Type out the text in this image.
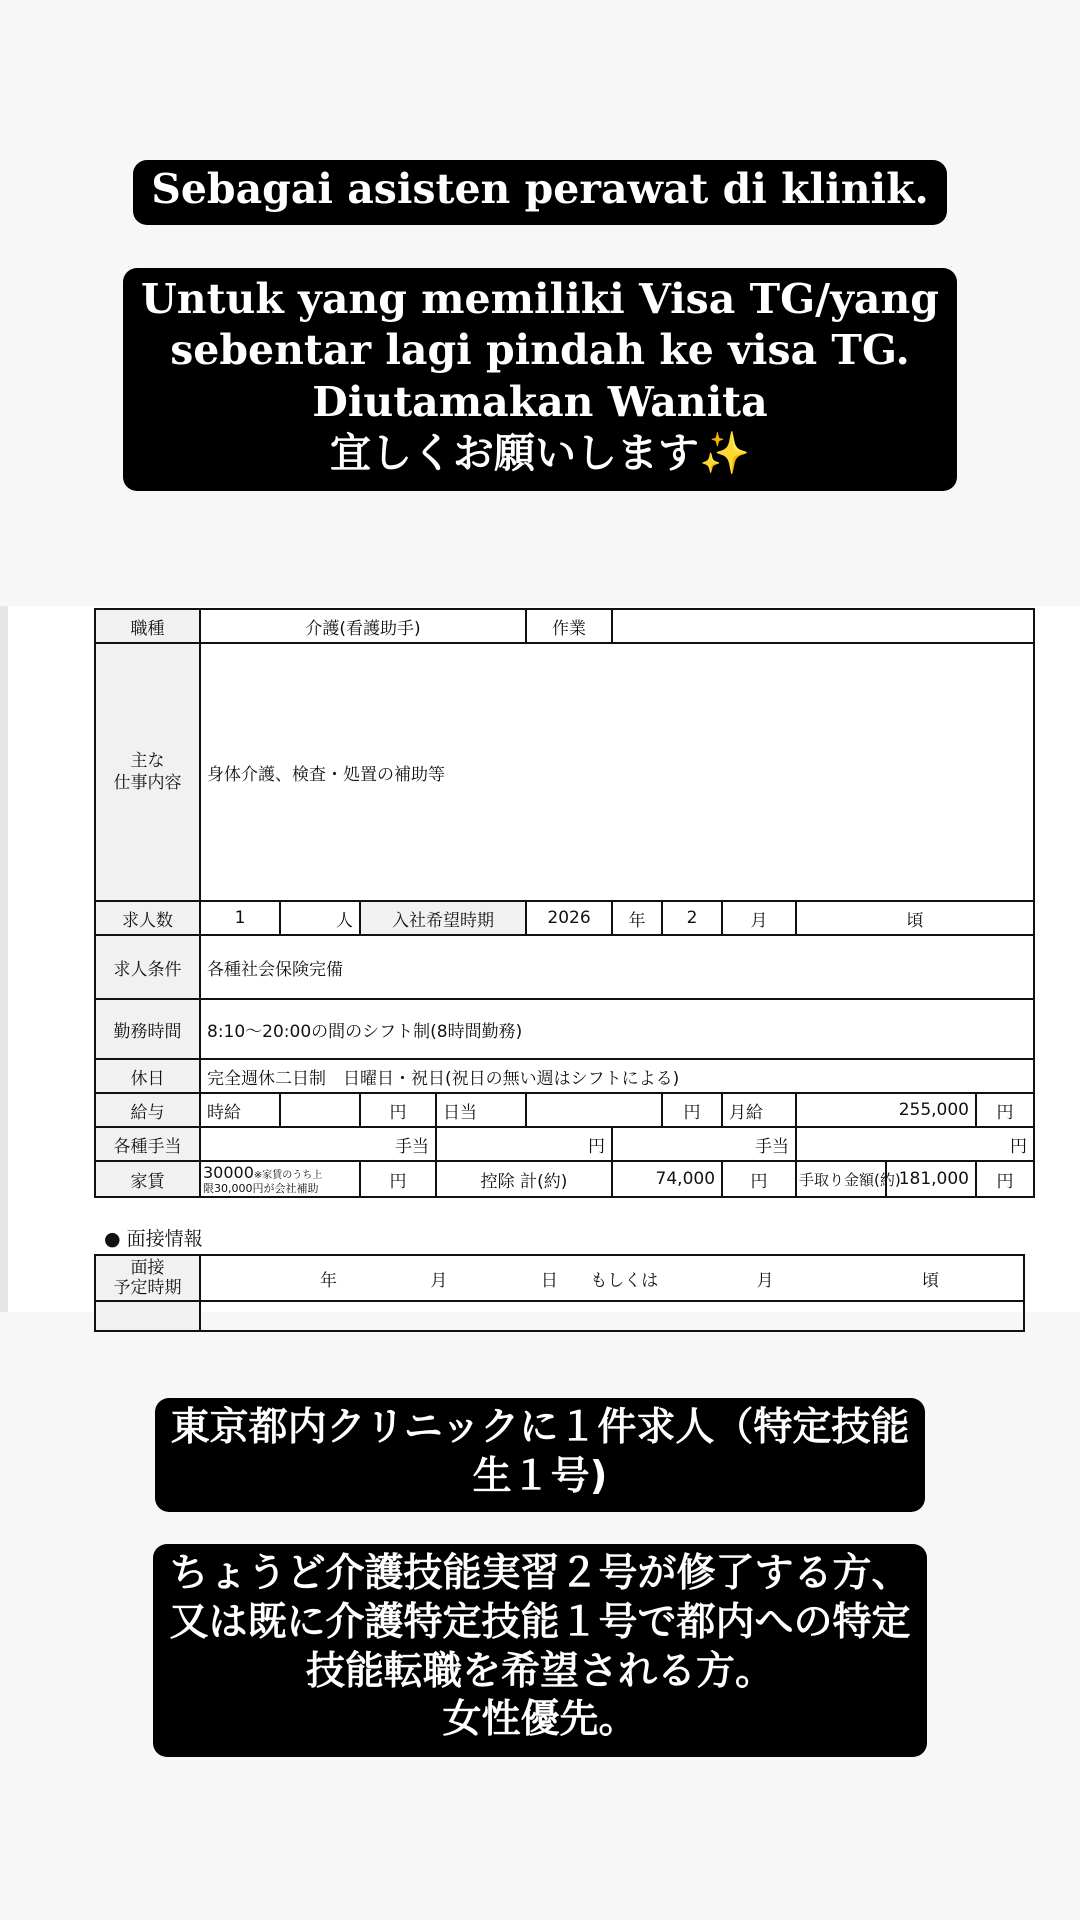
Sebagai asisten perawat di klinik.
Untuk yang memiliki Visa TG/yang
sebentar lagi pindah ke visa TG.
Diutamakan Wanita
宜しくお願いします✨
職種	介護(看護助手)				作業						
主な
仕事内容	身体介護、検査・処置の補助等										
求人数	1	人	入社希望時期		2026	年	2	月	頃		
求人条件	各種社会保険完備										
勤務時間	8:10～20:00の間のシフト制(8時間勤務)										
休日	完全週休二日制　日曜日・祝日(祝日の無い週はシフトによる)										
給与	時給		円	日当			円	月給	255,000		円
各種手当	手当			円		手当			円		
家賃	30000※家賃のうち上
限30,000円が会社補助		円	控除 計(約)		74,000		円	手取り金額(約)	181,000	円
● 面接情報
面接
予定時期	年 月 日 もしくは 月 頃

東京都内クリニックに１件求人（特定技能
生１号)
ちょうど介護技能実習２号が修了する方、
又は既に介護特定技能１号で都内への特定
技能転職を希望される方。
女性優先。
